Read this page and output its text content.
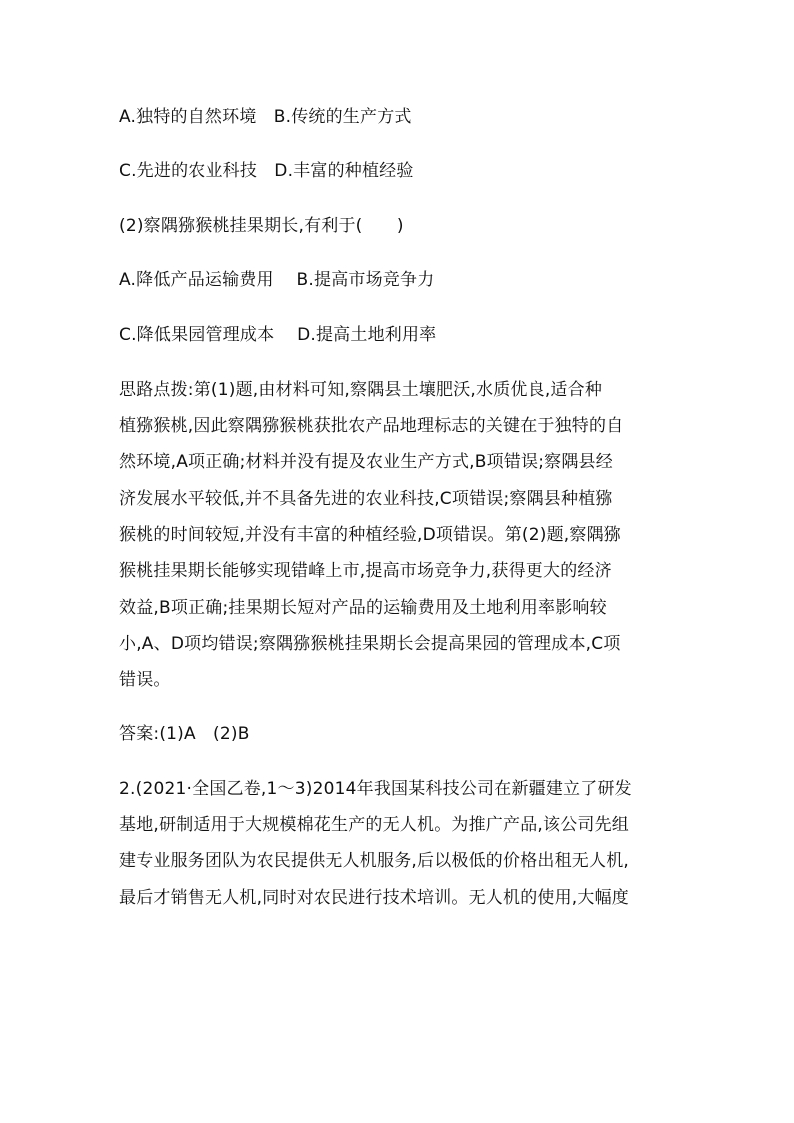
A.独特的自然环境　B.传统的生产方式
C.先进的农业科技　D.丰富的种植经验
(2)察隅猕猴桃挂果期长,有利于(　　)
A.降低产品运输费用　 B.提高市场竞争力
C.降低果园管理成本　 D.提高土地利用率
思路点拨:第(1)题,由材料可知,察隅县土壤肥沃,水质优良,适合种
植猕猴桃,因此察隅猕猴桃获批农产品地理标志的关键在于独特的自
然环境,A项正确;材料并没有提及农业生产方式,B项错误;察隅县经
济发展水平较低,并不具备先进的农业科技,C项错误;察隅县种植猕
猴桃的时间较短,并没有丰富的种植经验,D项错误。第(2)题,察隅猕
猴桃挂果期长能够实现错峰上市,提高市场竞争力,获得更大的经济
效益,B项正确;挂果期长短对产品的运输费用及土地利用率影响较
小,A、D项均错误;察隅猕猴桃挂果期长会提高果园的管理成本,C项
错误。
答案:(1)A　(2)B
2.(2021·全国乙卷,1～3)2014年我国某科技公司在新疆建立了研发
基地,研制适用于大规模棉花生产的无人机。为推广产品,该公司先组
建专业服务团队为农民提供无人机服务,后以极低的价格出租无人机,
最后才销售无人机,同时对农民进行技术培训。无人机的使用,大幅度
